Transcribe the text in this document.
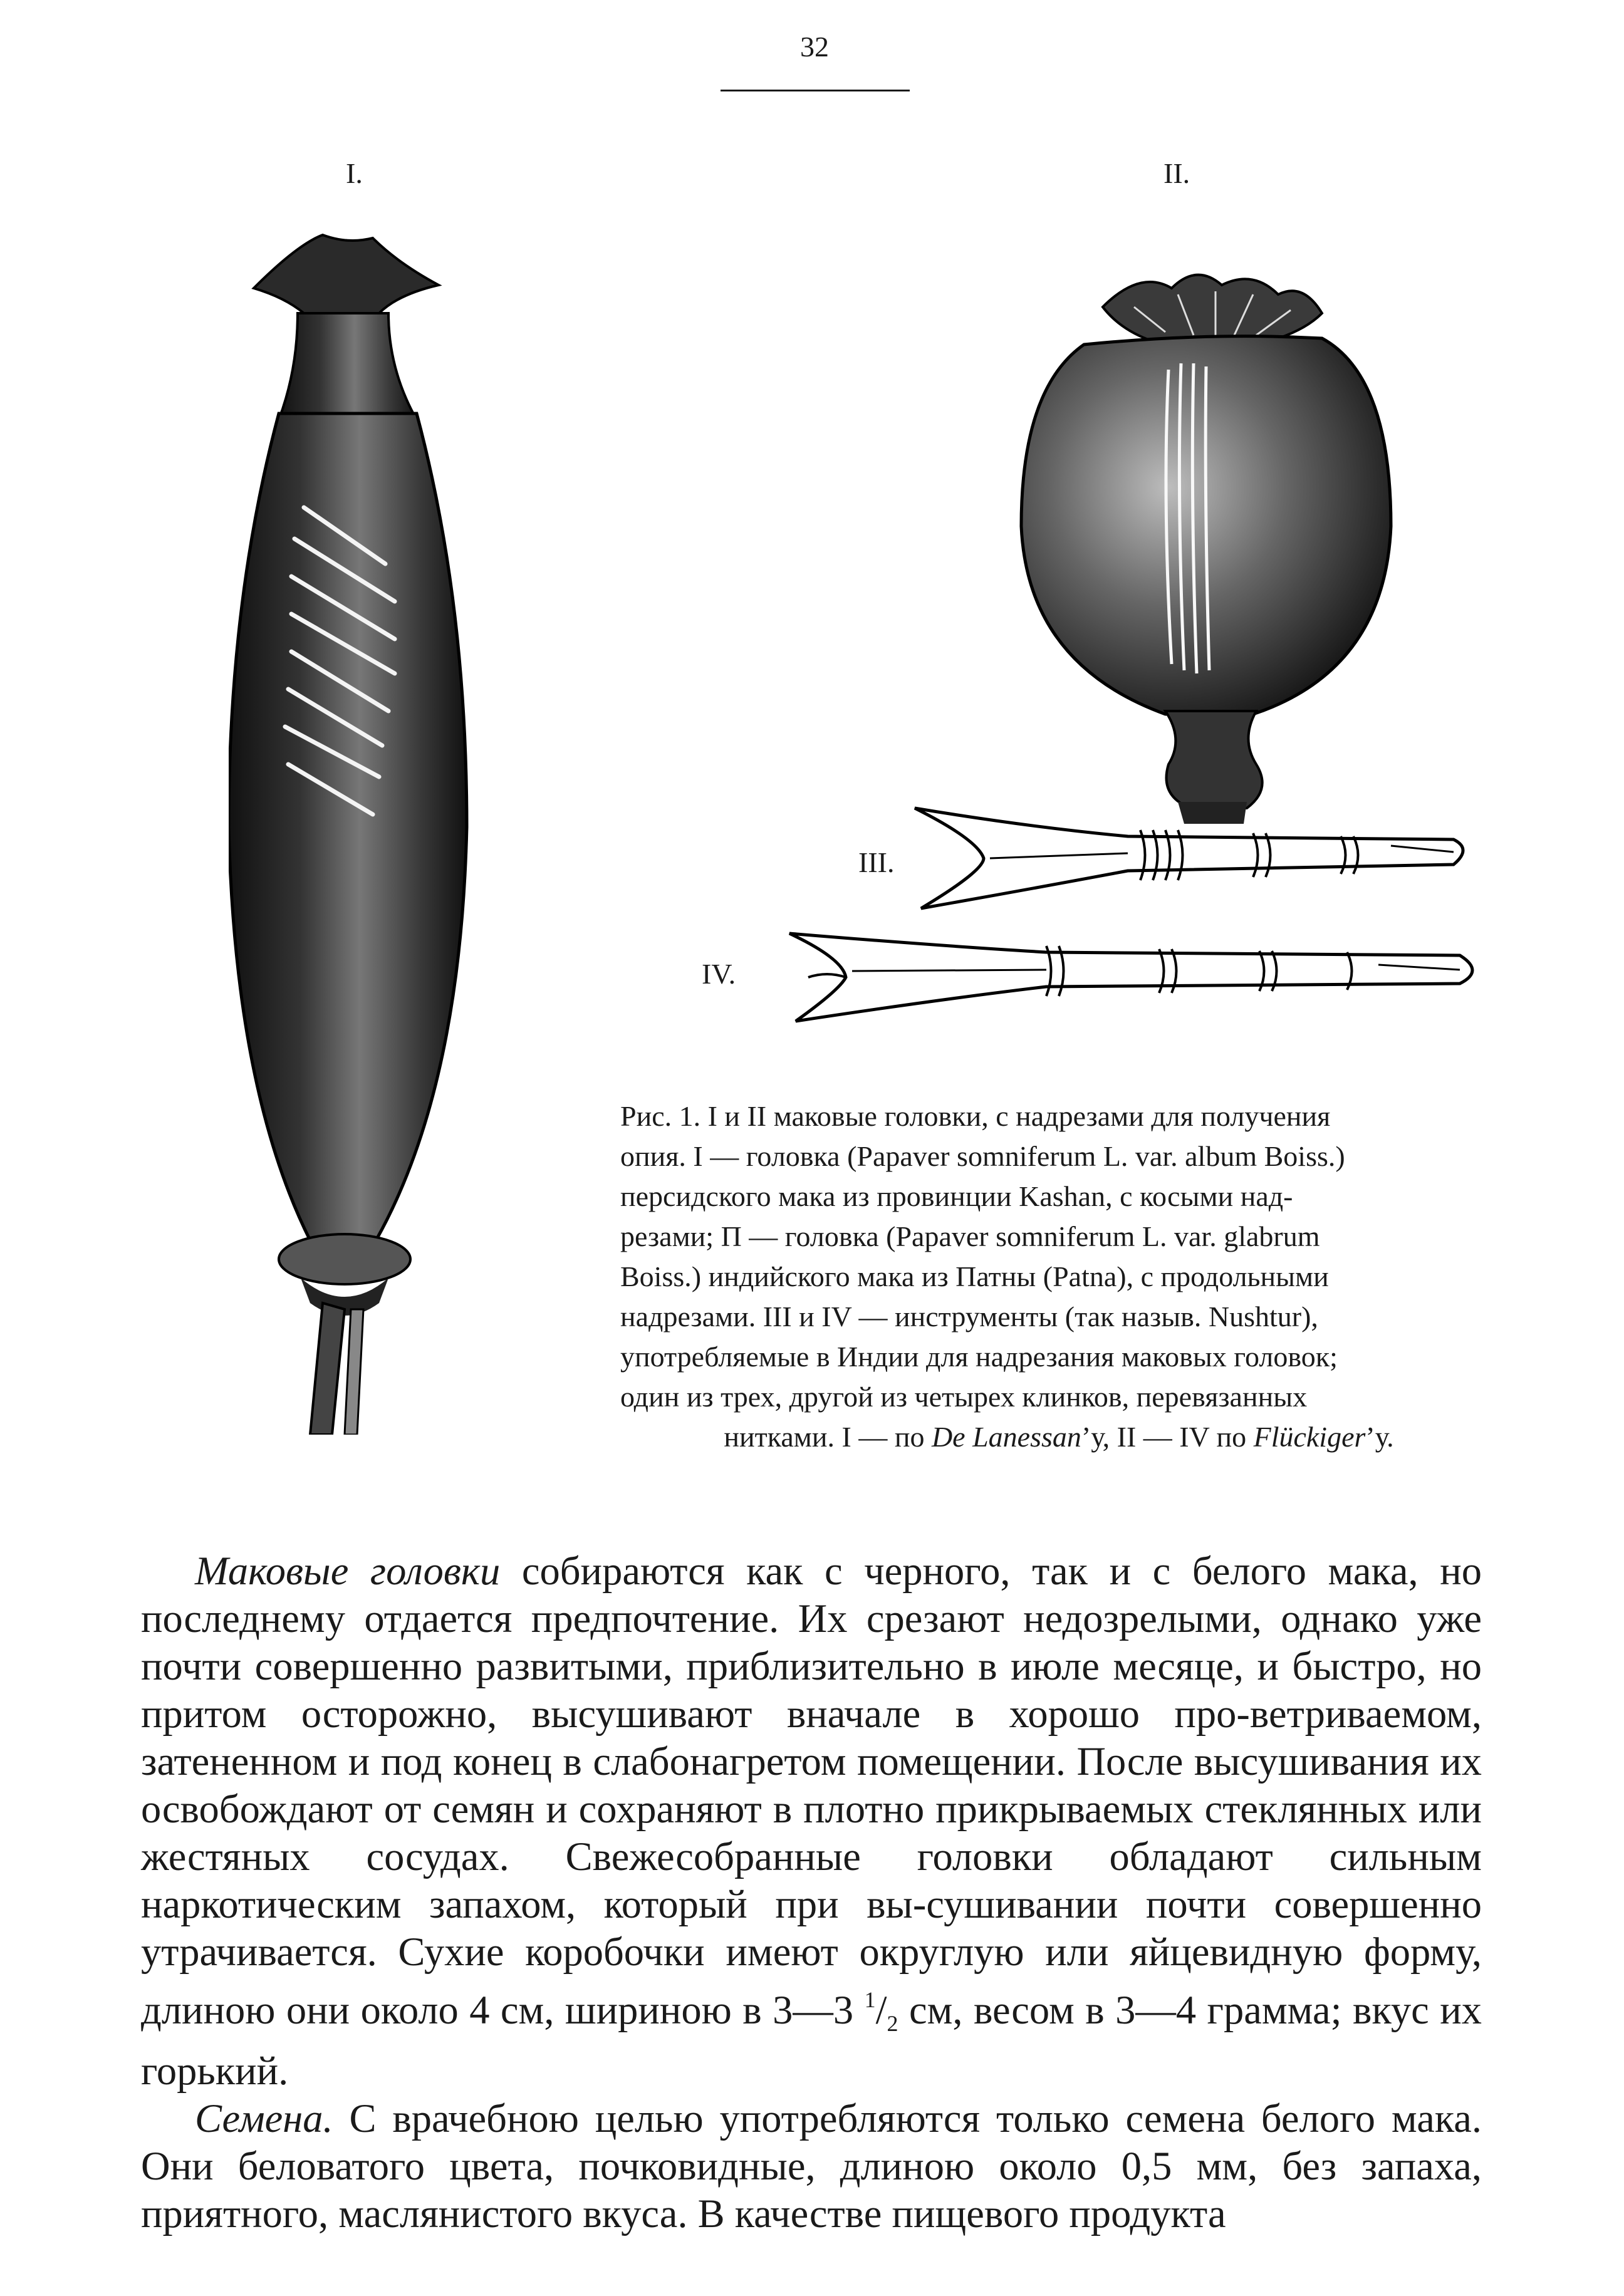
32
I.	II.
III.
IV.

Рис. 1. I и II маковые головки, с надрезами для получения

опия. I — головка (Papaver somniferum L. var. album Boiss.)

персидского мака из провинции Kashan, с косыми над-

резами; П — головка (Papaver somniferum L. var. glabrum

Boiss.) индийского мака из Патны (Patna), с продольными

надрезами. III и IV — инструменты (так назыв. Nushtur),

употребляемые в Индии для надрезания маковых головок;

один из трех, другой из четырех клинков, перевязанных

нитками. I — по De Lanessan’у, II — IV по Flückiger’у.

Маковые головки собираются как с черного, так и с белого мака, но последнему отдается предпочтение. Их срезают недозрелыми, однако уже почти совершенно развитыми, приблизительно в июле месяце, и быстро, но притом осторожно, высушивают вначале в хорошо про-ветриваемом, затененном и под конец в слабонагретом помещении. После высушивания их освобождают от семян и сохраняют в плотно прикрываемых стеклянных или жестяных сосудах. Свежесобранные головки обладают сильным наркотическим запахом, который при вы-сушивании почти совершенно утрачивается. Сухие коробочки имеют округлую или яйцевидную форму, длиною они около 4 см, шириною в 3—3 $^1$/2 см, весом в 3—4 грамма; вкус их горький.

Семена. С врачебною целью употребляются только семена белого мака. Они беловатого цвета, почковидные, длиною около 0,5 мм, без запаха, приятного, маслянистого вкуса. В качестве пищевого продукта
